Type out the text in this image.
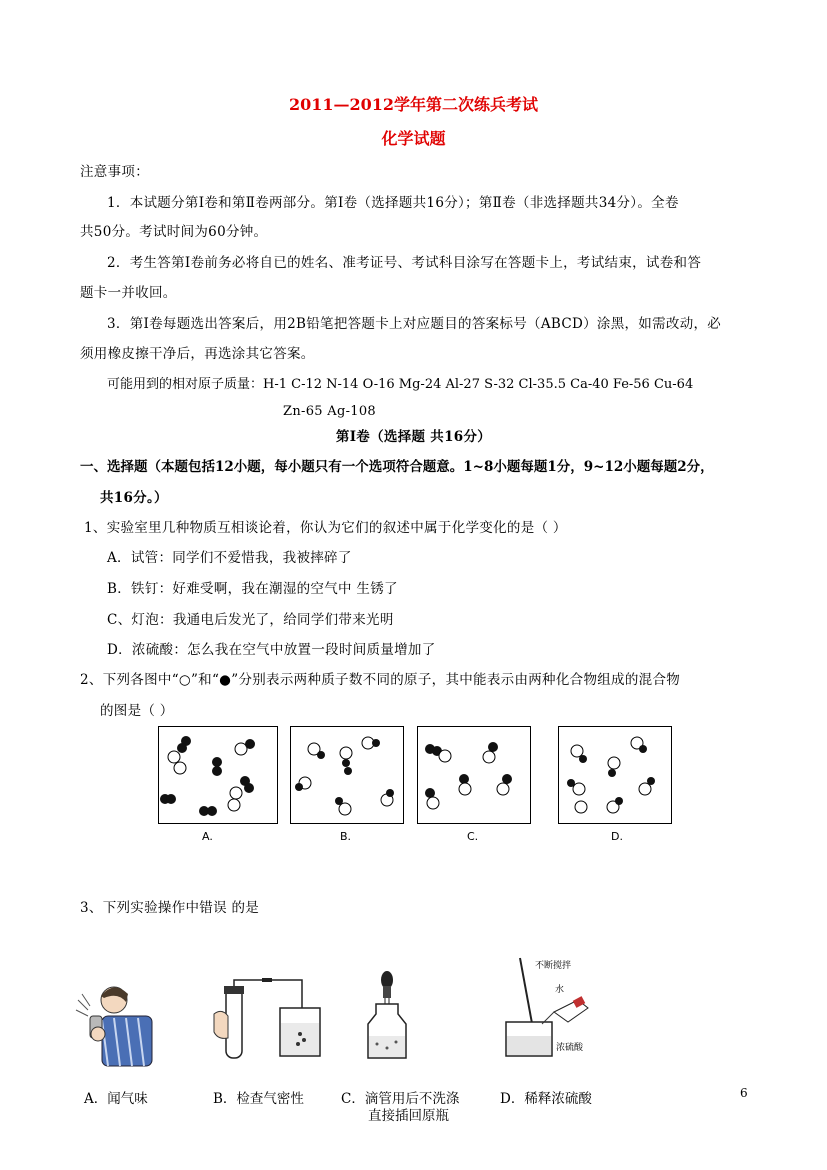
2011—2012学年第二次练兵考试
化学试题
注意事项：
1．本试题分第Ⅰ卷和第Ⅱ卷两部分。第Ⅰ卷（选择题共16分）；第Ⅱ卷（非选择题共34分）。全卷
共50分。考试时间为60分钟。
2．考生答第Ⅰ卷前务必将自已的姓名、准考证号、考试科目涂写在答题卡上，考试结束，试卷和答
题卡一并收回。
3．第Ⅰ卷每题选出答案后，用2B铅笔把答题卡上对应题目的答案标号（ABCD）涂黑，如需改动，必
须用橡皮擦干净后，再选涂其它答案。
可能用到的相对原子质量：H-1 C-12 N-14 O-16 Mg-24 Al-27 S-32 Cl-35.5 Ca-40 Fe-56 Cu-64
Zn-65 Ag-108
第Ⅰ卷（选择题 共16分）
一、选择题（本题包括12小题，每小题只有一个选项符合题意。1~8小题每题1分，9~12小题每题2分，
共16分。）
1、实验室里几种物质互相谈论着，你认为它们的叙述中属于化学变化的是（ ）
A．试管：同学们不爱惜我，我被摔碎了
B．铁钉：好难受啊，我在潮湿的空气中 生锈了
C、灯泡：我通电后发光了，给同学们带来光明
D．浓硫酸：怎么我在空气中放置一段时间质量增加了
2、下列各图中“○”和“●”分别表示两种质子数不同的原子，其中能表示由两种化合物组成的混合物
的图是（ ）
A.	B.	C.	D.
3、下列实验操作中错误 的是
不断搅拌
水
浓硫酸
A．闻气味	B．检查气密性	C．滴管用后不洗涤
直接插回原瓶
D．稀释浓硫酸	6
